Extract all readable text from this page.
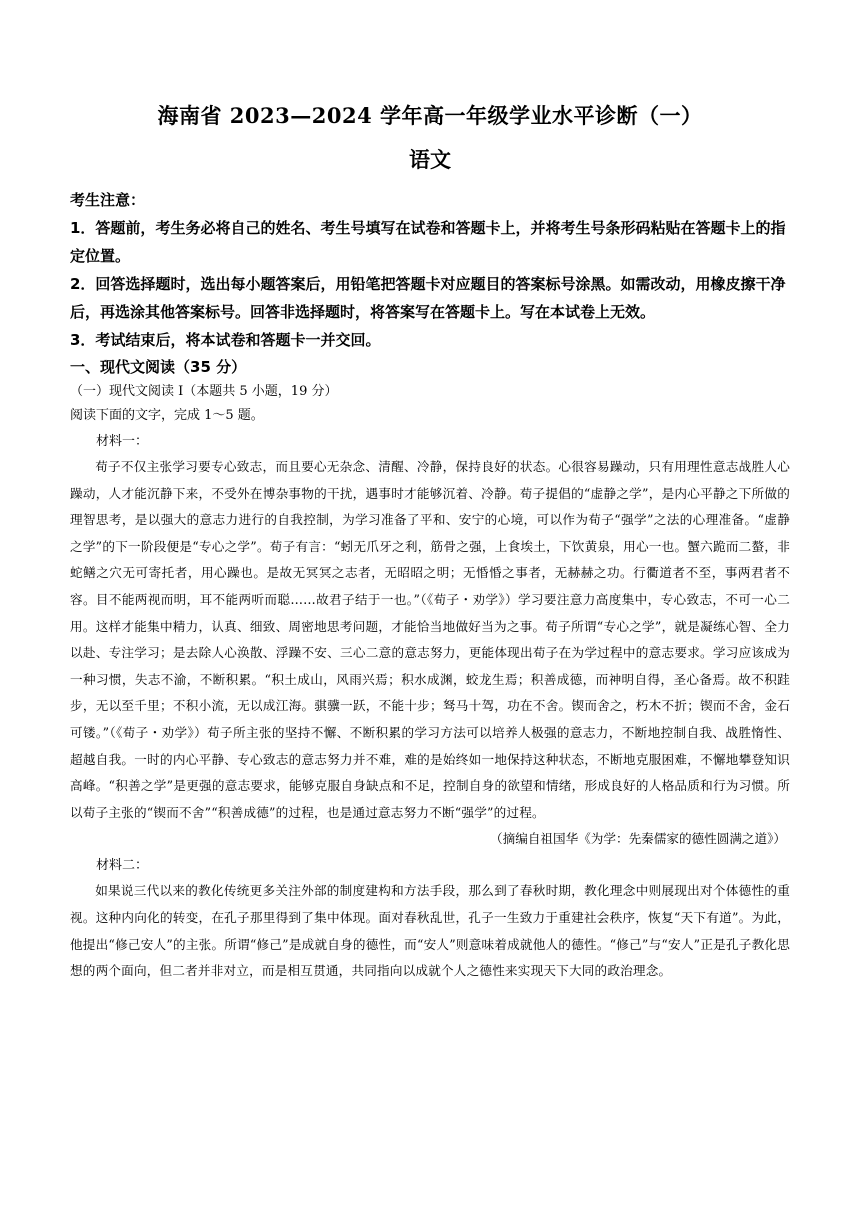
海南省 2023—2024 学年高一年级学业水平诊断（一）
语文

考生注意：

1．答题前，考生务必将自己的姓名、考生号填写在试卷和答题卡上，并将考生号条形码粘贴在答题卡上的指定位置。

2．回答选择题时，选出每小题答案后，用铅笔把答题卡对应题目的答案标号涂黑。如需改动，用橡皮擦干净后，再选涂其他答案标号。回答非选择题时，将答案写在答题卡上。写在本试卷上无效。

3．考试结束后，将本试卷和答题卡一并交回。

一、现代文阅读（35 分）

（一）现代文阅读 I（本题共 5 小题，19 分）

阅读下面的文字，完成 1～5 题。

材料一：

荀子不仅主张学习要专心致志，而且要心无杂念、清醒、冷静，保持良好的状态。心很容易躁动，只有用理性意志战胜人心躁动，人才能沉静下来，不受外在博杂事物的干扰，遇事时才能够沉着、冷静。荀子提倡的“虚静之学”，是内心平静之下所做的理智思考，是以强大的意志力进行的自我控制，为学习准备了平和、安宁的心境，可以作为荀子“强学”之法的心理准备。“虚静之学”的下一阶段便是“专心之学”。荀子有言：“蚓无爪牙之利，筋骨之强，上食埃土，下饮黄泉，用心一也。蟹六跪而二螯，非蛇鳝之穴无可寄托者，用心躁也。是故无冥冥之志者，无昭昭之明；无惛惛之事者，无赫赫之功。行衢道者不至，事两君者不容。目不能两视而明，耳不能两听而聪……故君子结于一也。”（《荀子・劝学》）学习要注意力高度集中，专心致志，不可一心二用。这样才能集中精力，认真、细致、周密地思考问题，才能恰当地做好当为之事。荀子所谓“专心之学”，就是凝练心智、全力以赴、专注学习；是去除人心涣散、浮躁不安、三心二意的意志努力，更能体现出荀子在为学过程中的意志要求。学习应该成为一种习惯，失志不渝，不断积累。“积土成山，风雨兴焉；积水成渊，蛟龙生焉；积善成德，而神明自得，圣心备焉。故不积跬步，无以至千里；不积小流，无以成江海。骐骥一跃，不能十步；驽马十驾，功在不舍。锲而舍之，朽木不折；锲而不舍，金石可镂。”（《荀子・劝学》）荀子所主张的坚持不懈、不断积累的学习方法可以培养人极强的意志力，不断地控制自我、战胜惰性、超越自我。一时的内心平静、专心致志的意志努力并不难，难的是始终如一地保持这种状态，不断地克服困难，不懈地攀登知识高峰。“积善之学”是更强的意志要求，能够克服自身缺点和不足，控制自身的欲望和情绪，形成良好的人格品质和行为习惯。所以荀子主张的“锲而不舍”“积善成德”的过程，也是通过意志努力不断“强学”的过程。

（摘编自祖国华《为学：先秦儒家的德性圆满之道》）

材料二：

如果说三代以来的教化传统更多关注外部的制度建构和方法手段，那么到了春秋时期，教化理念中则展现出对个体德性的重视。这种内向化的转变，在孔子那里得到了集中体现。面对春秋乱世，孔子一生致力于重建社会秩序，恢复“天下有道”。为此，他提出“修己安人”的主张。所谓“修己”是成就自身的德性，而“安人”则意味着成就他人的德性。“修己”与“安人”正是孔子教化思想的两个面向，但二者并非对立，而是相互贯通，共同指向以成就个人之德性来实现天下大同的政治理念。
